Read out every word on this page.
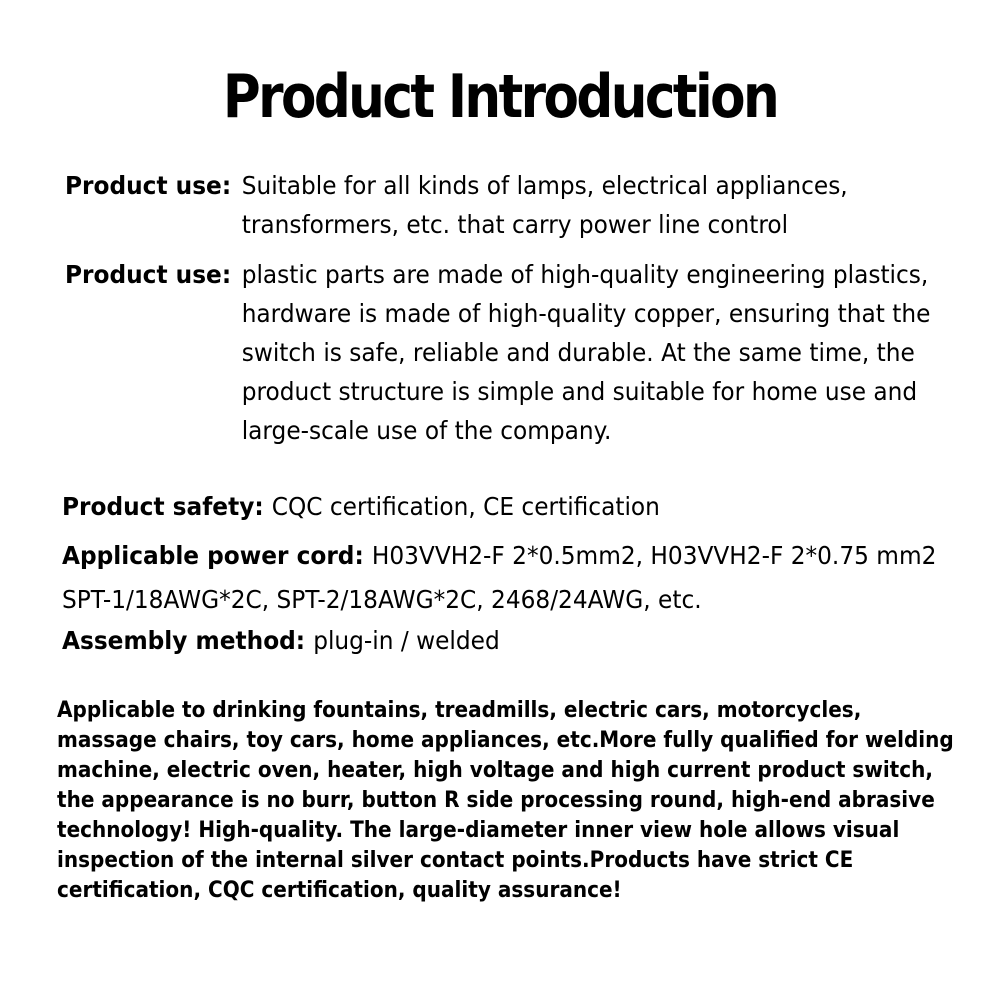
Product Introduction
Product use: Suitable for all kinds of lamps, electrical appliances, transformers, etc. that carry power line control
Product use: plastic parts are made of high-quality engineering plastics, hardware is made of high-quality copper, ensuring that the switch is safe, reliable and durable. At the same time, the product structure is simple and suitable for home use and large-scale use of the company.
Product safety: CQC certification, CE certification
Applicable power cord: H03VVH2-F 2*0.5mm2, H03VVH2-F 2*0.75 mm2 SPT-1/18AWG*2C, SPT-2/18AWG*2C, 2468/24AWG, etc.
Assembly method: plug-in / welded

Applicable to drinking fountains, treadmills, electric cars, motorcycles, massage chairs, toy cars, home appliances, etc.More fully qualified for welding machine, electric oven, heater, high voltage and high current product switch, the appearance is no burr, button R side processing round, high-end abrasive technology! High-quality. The large-diameter inner view hole allows visual inspection of the internal silver contact points.Products have strict CE certification, CQC certification, quality assurance!
